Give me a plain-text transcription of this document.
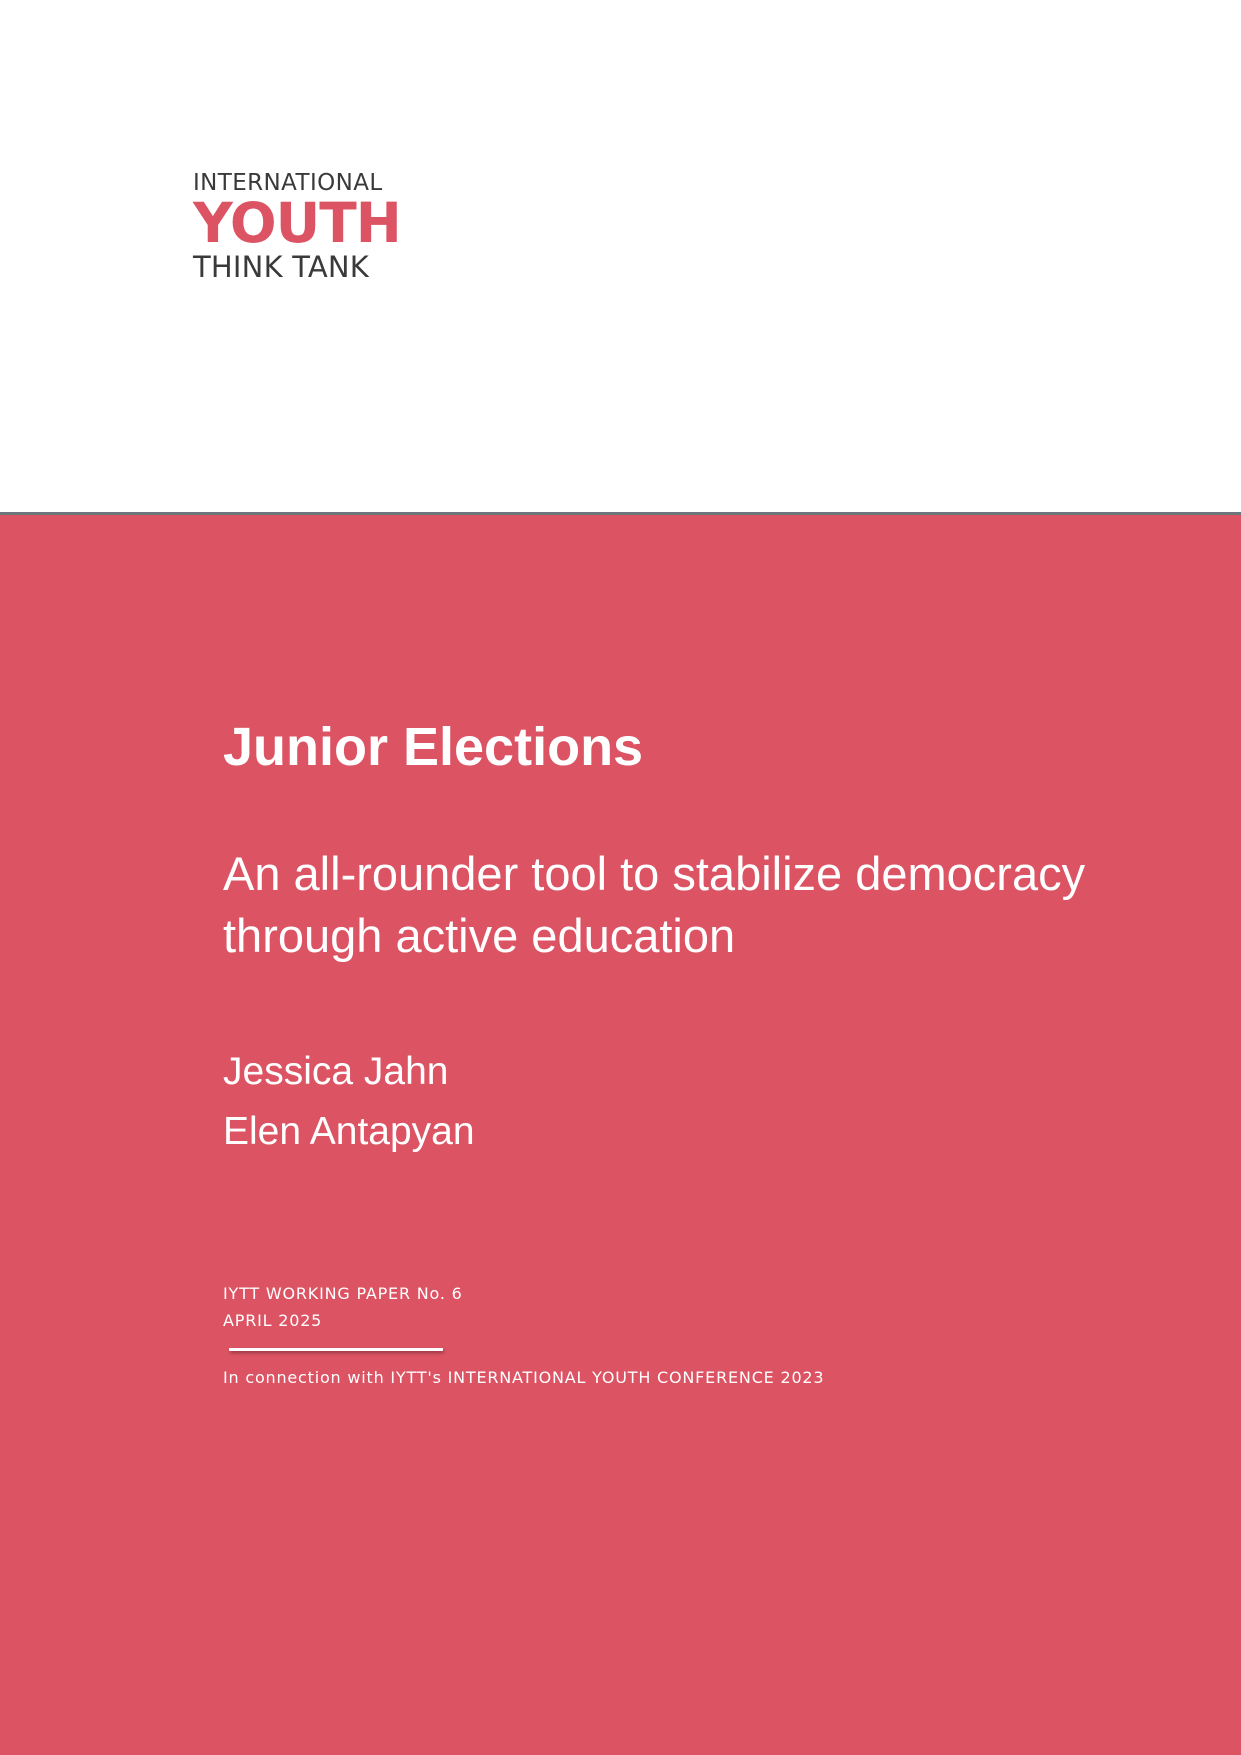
INTERNATIONAL
YOUTH
THINK TANK
Junior Elections

An all-rounder tool to stabilize democracy through active education

Jessica Jahn
Elen Antapyan
IYTT WORKING PAPER No. 6
APRIL 2025
In connection with IYTT's INTERNATIONAL YOUTH CONFERENCE 2023
